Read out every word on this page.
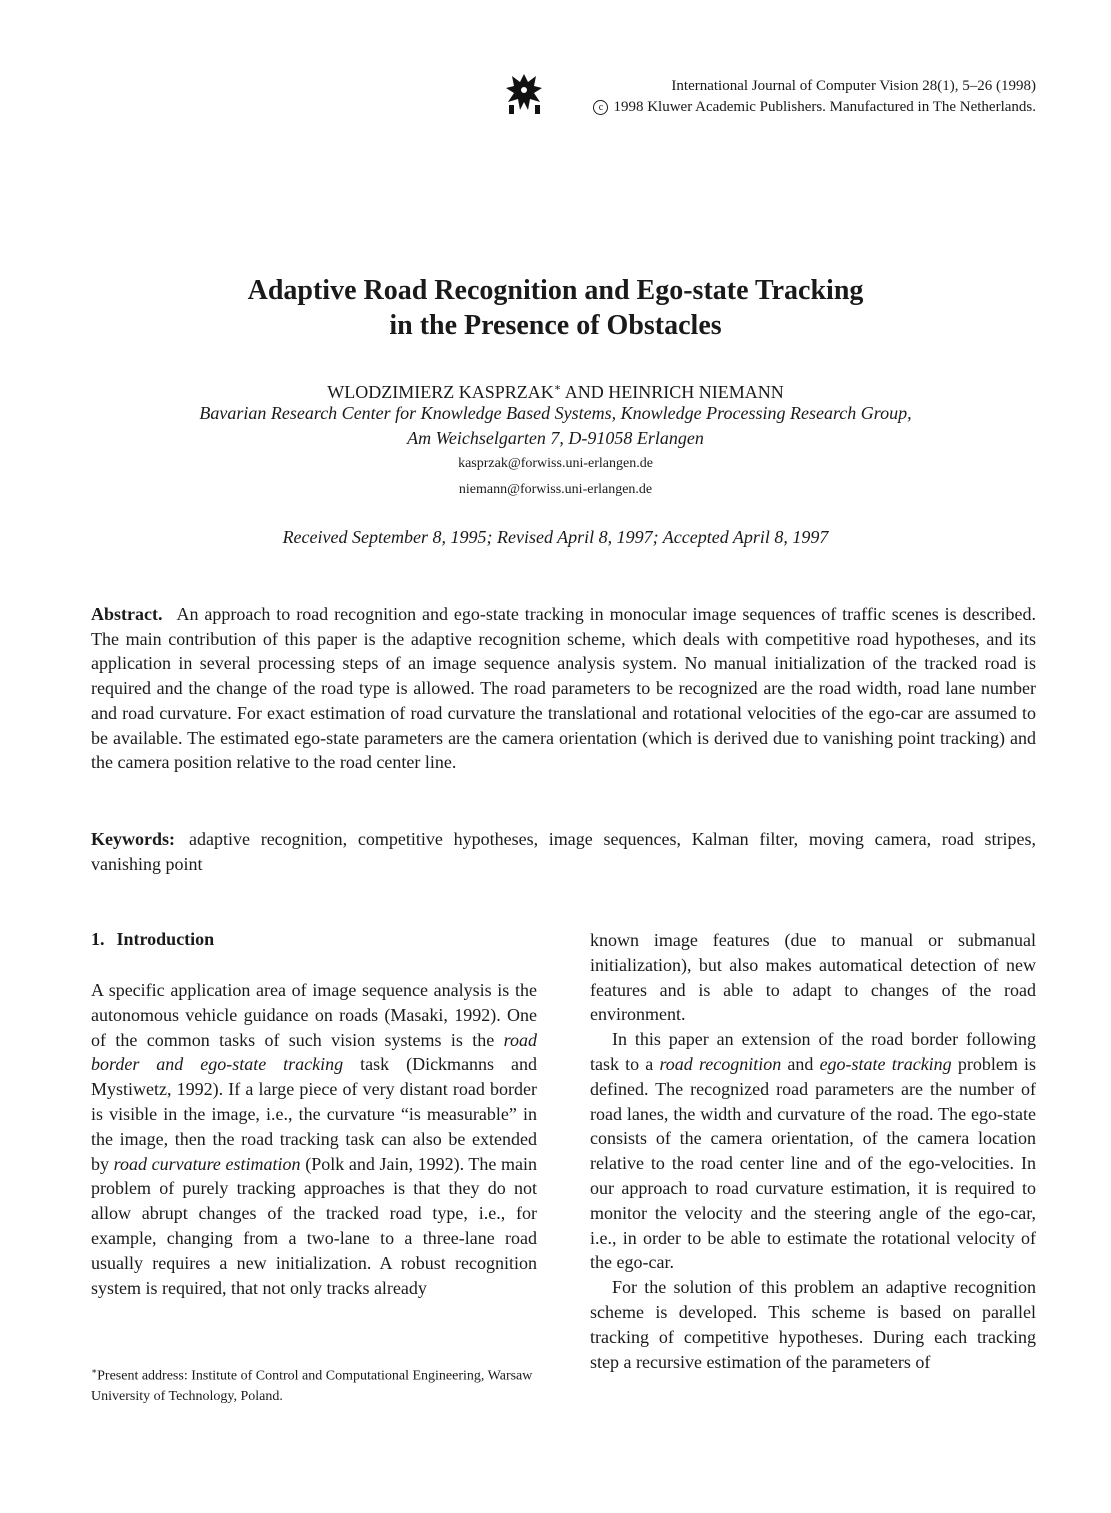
International Journal of Computer Vision 28(1), 5–26 (1998)
c 1998 Kluwer Academic Publishers. Manufactured in The Netherlands.
Adaptive Road Recognition and Ego-state Tracking
in the Presence of Obstacles
WLODZIMIERZ KASPRZAK∗ AND HEINRICH NIEMANN
Bavarian Research Center for Knowledge Based Systems, Knowledge Processing Research Group,
Am Weichselgarten 7, D-91058 Erlangen
kasprzak@forwiss.uni-erlangen.de
niemann@forwiss.uni-erlangen.de
Received September 8, 1995; Revised April 8, 1997; Accepted April 8, 1997
Abstract. An approach to road recognition and ego-state tracking in monocular image sequences of traffic scenes is described. The main contribution of this paper is the adaptive recognition scheme, which deals with competitive road hypotheses, and its application in several processing steps of an image sequence analysis system. No manual initialization of the tracked road is required and the change of the road type is allowed. The road parameters to be recognized are the road width, road lane number and road curvature. For exact estimation of road curvature the translational and rotational velocities of the ego-car are assumed to be available. The estimated ego-state parameters are the camera orientation (which is derived due to vanishing point tracking) and the camera position relative to the road center line.
Keywords: adaptive recognition, competitive hypotheses, image sequences, Kalman filter, moving camera, road stripes, vanishing point
1. Introduction

A specific application area of image sequence analysis is the autonomous vehicle guidance on roads (Masaki, 1992). One of the common tasks of such vision systems is the road border and ego-state tracking task (Dickmanns and Mystiwetz, 1992). If a large piece of very distant road border is visible in the image, i.e., the curvature “is measurable” in the image, then the road tracking task can also be extended by road curvature estimation (Polk and Jain, 1992). The main problem of purely tracking approaches is that they do not allow abrupt changes of the tracked road type, i.e., for example, changing from a two-lane to a three-lane road usually requires a new initialization. A robust recognition system is required, that not only tracks already

known image features (due to manual or submanual initialization), but also makes automatical detection of new features and is able to adapt to changes of the road environment.

In this paper an extension of the road border following task to a road recognition and ego-state tracking problem is defined. The recognized road parameters are the number of road lanes, the width and curvature of the road. The ego-state consists of the camera orientation, of the camera location relative to the road center line and of the ego-velocities. In our approach to road curvature estimation, it is required to monitor the velocity and the steering angle of the ego-car, i.e., in order to be able to estimate the rotational velocity of the ego-car.

For the solution of this problem an adaptive recognition scheme is developed. This scheme is based on parallel tracking of competitive hypotheses. During each tracking step a recursive estimation of the parameters of

∗Present address: Institute of Control and Computational Engineering, Warsaw University of Technology, Poland.
